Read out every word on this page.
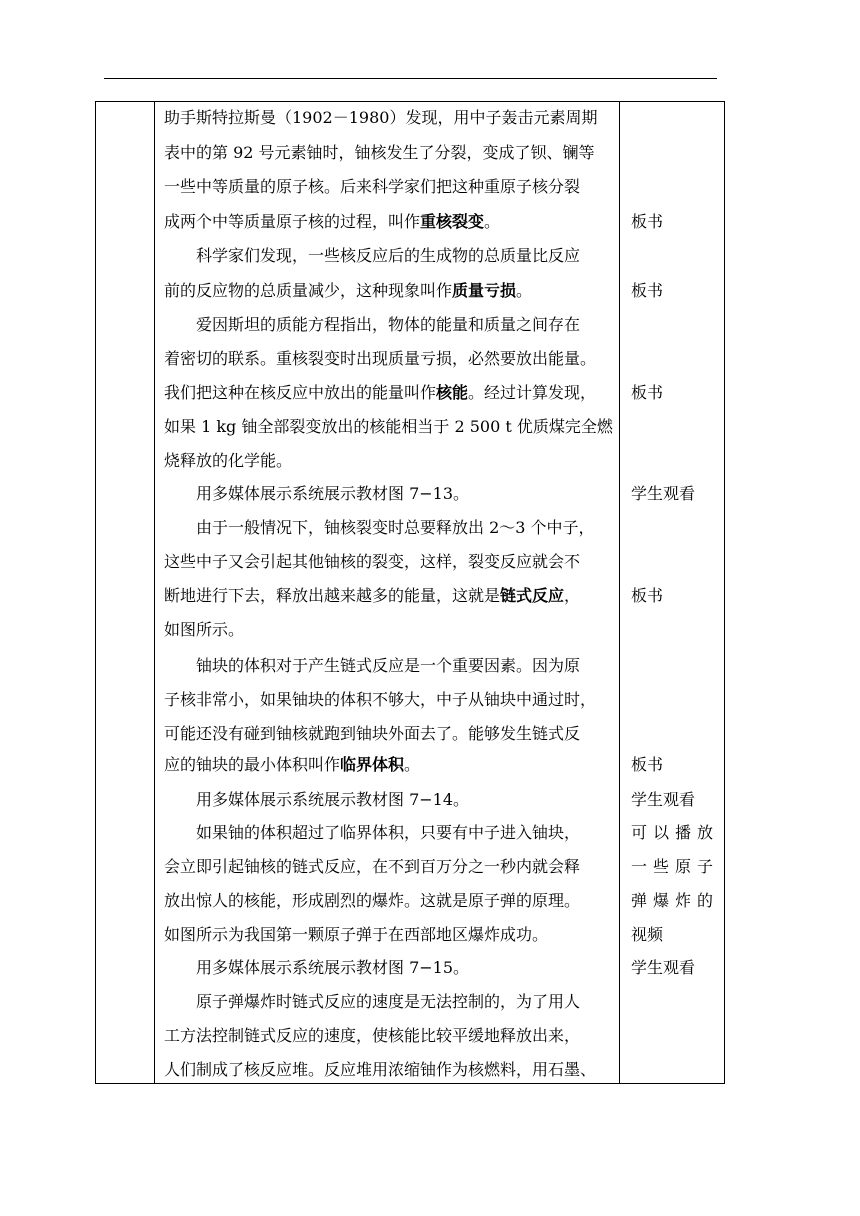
助手斯特拉斯曼（1902－1980）发现，用中子轰击元素周期
表中的第 92 号元素铀时，铀核发生了分裂，变成了钡、镧等
一些中等质量的原子核。后来科学家们把这种重原子核分裂
成两个中等质量原子核的过程，叫作重核裂变。
科学家们发现，一些核反应后的生成物的总质量比反应
前的反应物的总质量减少，这种现象叫作质量亏损。
爱因斯坦的质能方程指出，物体的能量和质量之间存在
着密切的联系。重核裂变时出现质量亏损，必然要放出能量。
我们把这种在核反应中放出的能量叫作核能。经过计算发现，
如果 1 kg 铀全部裂变放出的核能相当于 2 500 t 优质煤完全燃
烧释放的化学能。
用多媒体展示系统展示教材图 7−13。
由于一般情况下，铀核裂变时总要释放出 2～3 个中子，
这些中子又会引起其他铀核的裂变，这样，裂变反应就会不
断地进行下去，释放出越来越多的能量，这就是链式反应，
如图所示。
铀块的体积对于产生链式反应是一个重要因素。因为原
子核非常小，如果铀块的体积不够大，中子从铀块中通过时，
可能还没有碰到铀核就跑到铀块外面去了。能够发生链式反
应的铀块的最小体积叫作临界体积。
用多媒体展示系统展示教材图 7−14。
如果铀的体积超过了临界体积，只要有中子进入铀块，
会立即引起铀核的链式反应，在不到百万分之一秒内就会释
放出惊人的核能，形成剧烈的爆炸。这就是原子弹的原理。
如图所示为我国第一颗原子弹于在西部地区爆炸成功。
用多媒体展示系统展示教材图 7−15。
原子弹爆炸时链式反应的速度是无法控制的，为了用人
工方法控制链式反应的速度，使核能比较平缓地释放出来，
人们制成了核反应堆。反应堆用浓缩铀作为核燃料，用石墨、
板书
板书
板书
学生观看
板书
板书
学生观看
可 以 播 放
一 些 原 子
弹 爆 炸 的
视频
学生观看
